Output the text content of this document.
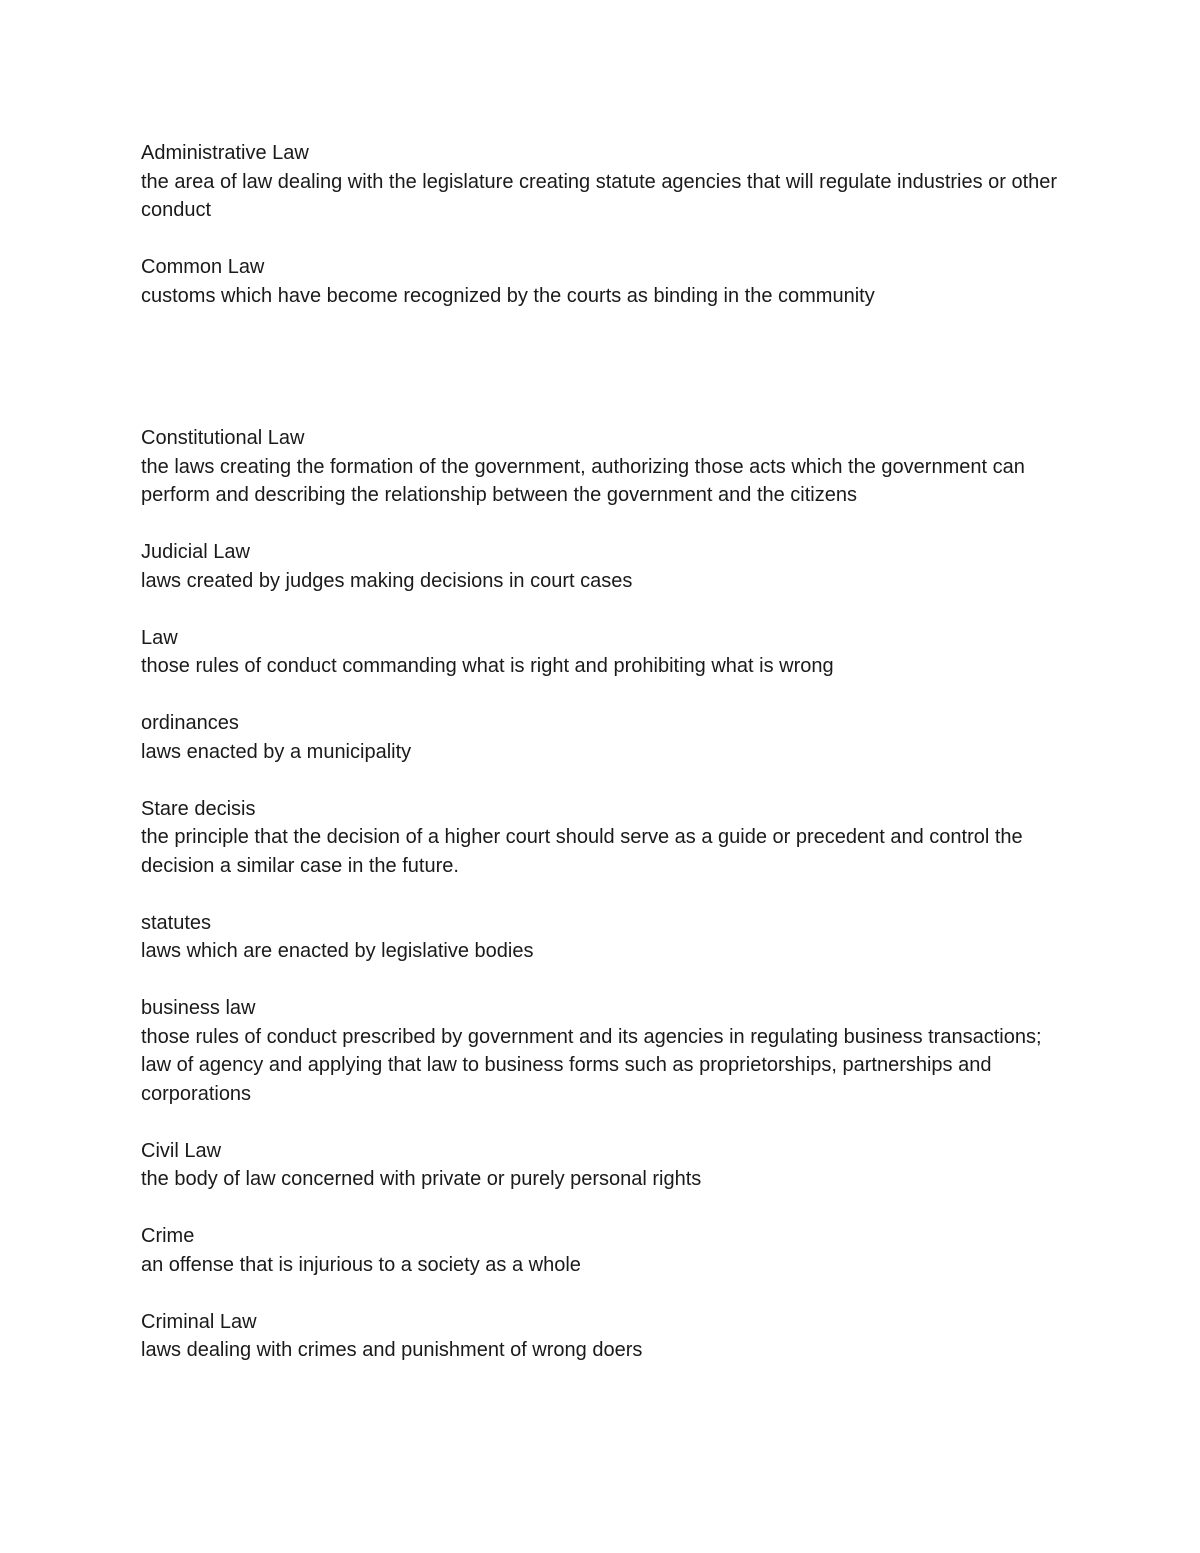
Administrative Law
the area of law dealing with the legislature creating statute agencies that will regulate industries or other conduct
Common Law
customs which have become recognized by the courts as binding in the community
Constitutional Law
the laws creating the formation of the government, authorizing those acts which the government can perform and describing the relationship between the government and the citizens
Judicial Law
laws created by judges making decisions in court cases
Law
those rules of conduct commanding what is right and prohibiting what is wrong
ordinances
laws enacted by a municipality
Stare decisis
the principle that the decision of a higher court should serve as a guide or precedent and control the decision a similar case in the future.
statutes
laws which are enacted by legislative bodies
business law
those rules of conduct prescribed by government and its agencies in regulating business transactions; law of agency and applying that law to business forms such as proprietorships, partnerships and corporations
Civil Law
the body of law concerned with private or purely personal rights
Crime
an offense that is injurious to a society as a whole
Criminal Law
laws dealing with crimes and punishment of wrong doers
